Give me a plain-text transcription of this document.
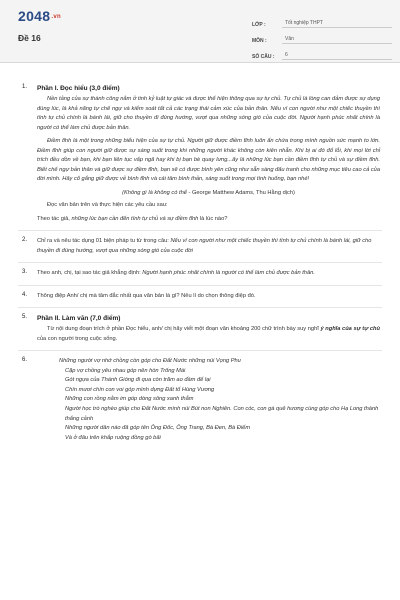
2048.vn
Đề 16
LỚP :	Tốt nghiệp THPT
MÔN :	Văn
SỐ CÂU :	6
1. Phần I. Đọc hiểu (3,0 điểm)

Nền tảng của sự thành công nằm ở tinh kỷ luật tự giác và được thể hiện thông qua sự tự chủ. Tự chủ là lòng can đảm được sự dụng đúng lúc, là khả năng tự chế ngự và kiểm soát tất cả các trạng thái cảm xúc của bản thân. Nếu ví con người như một chiếc thuyền thì tính tự chủ chính là bánh lái, giữ cho thuyền đi đúng hướng, vượt qua những sóng gió của cuộc đời. Người hạnh phúc nhất chính là người có thể làm chủ được bản thân.

Điềm tĩnh là một trong những biểu hiện của sự tự chủ. Người giữ được điềm tĩnh luôn ẩn chứa trong mình nguồn sức mạnh to lớn. Điềm tĩnh giúp con người giữ được sự sáng suốt trong khi những người khác không còn kiên nhẫn. Khi bị ai đó đổ lỗi, khi mọi lời chỉ trích đều dồn về bạn, khi bạn liên tục vấp ngã hay khi bị bạn bè quay lưng...ấy là những lúc bạn cần điềm tĩnh tự chủ và sự điềm tĩnh. Biết chế ngự bản thân và giữ được sự điềm tĩnh, bạn sẽ có được bình yên cũng như sẵn sàng đấu tranh cho những mục tiêu cao cả của đời mình. Hãy cố gắng giữ được vẻ bình tĩnh và cái tâm bình thản, sáng suốt trong mọi tình huống, bạn nhé!

(Không gì là không có thể - George Matthew Adams, Thu Hằng dịch)

Đọc văn bản trên và thực hiện các yêu cầu sau:

Theo tác giả, những lúc bạn cần đến tính tự chủ và sự điềm tĩnh là lúc nào?

2. Chỉ ra và nêu tác dụng 01 biện pháp tu từ trong câu: Nếu ví con người như một chiếc thuyền thì tính tự chủ chính là bánh lái, giữ cho thuyền đi đúng hướng, vượt qua những sóng gió của cuộc đời

3. Theo anh, chị, tại sao tác giả khẳng định: Người hạnh phúc nhất chính là người có thể làm chủ được bản thân.

4. Thông điệp Anh/ chị mà tâm đắc nhất qua văn bản là gì? Nêu lí do chọn thông điệp đó.

5. Phần II. Làm văn (7,0 điểm)

Từ nội dung đoạn trích ở phần Đọc hiểu, anh/ chị hãy viết một đoạn văn khoảng 200 chữ trình bày suy nghĩ ý nghĩa của sự tự chủ của con người trong cuộc sống.

6.	Những người vợ nhớ chồng còn góp cho Đất Nước những núi Vọng Phu

Cặp vợ chồng yêu nhau góp nên hòn Trống Mái

Gót ngựa của Thánh Gióng đi qua còn trăm ao đầm để lại

Chín mươi chín con voi góp mình dựng Đất tổ Hùng Vương

Những con rồng nằm im góp dòng sông xanh thẳm

Người học trò nghèo giúp cho Đất Nước mình núi Bút non Nghiên. Con cóc, con gà quê hương cùng góp cho Hạ Long thành thắng cảnh

Những người dân nào đã góp tên Ông Đốc, Ông Trang, Bà Đen, Bà Điểm

Và ở đâu trên khắp ruộng đồng gò bãi
